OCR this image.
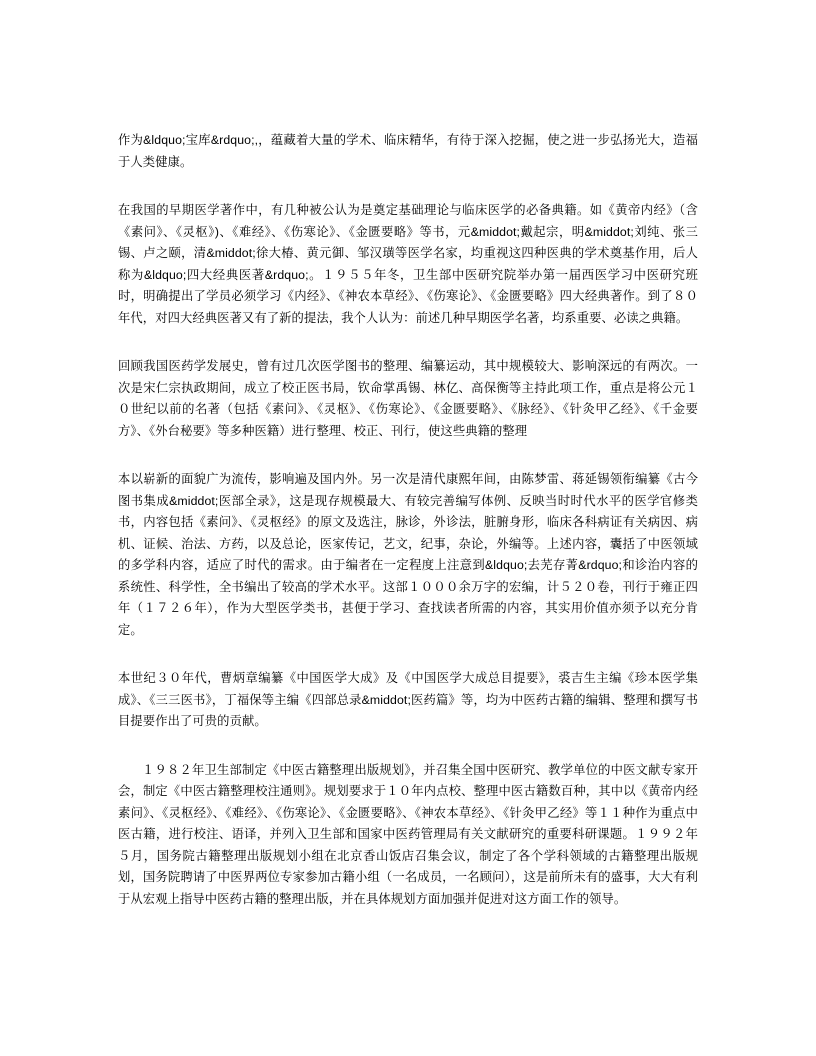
作为&ldquo;宝库&rdquo;,，蕴藏着大量的学术、临床精华，有待于深入挖掘，使之进一步弘扬光大，造福于人类健康。

在我国的早期医学著作中，有几种被公认为是奠定基础理论与临床医学的必备典籍。如《黄帝内经》（含《素问》、《灵枢》)、《难经》、《伤寒论》、《金匮要略》等书，元&middot;戴起宗，明&middot;刘纯、张三锡、卢之颐，清&middot;徐大椿、黄元御、邹汉璜等医学名家，均重视这四种医典的学术奠基作用，后人称为&ldquo;四大经典医著&rdquo;。１９５５年冬，卫生部中医研究院举办第一届西医学习中医研究班时，明确提出了学员必须学习《内经》、《神农本草经》、《伤寒论》、《金匮要略》四大经典著作。到了８０年代，对四大经典医著又有了新的提法，我个人认为：前述几种早期医学名著，均系重要、必读之典籍。

回顾我国医药学发展史，曾有过几次医学图书的整理、编纂运动，其中规模较大、影响深远的有两次。一次是宋仁宗执政期间，成立了校正医书局，钦命掌禹锡、林亿、高保衡等主持此项工作，重点是将公元１０世纪以前的名著（包括《素问》、《灵枢》、《伤寒论》、《金匮要略》、《脉经》、《针灸甲乙经》、《千金要方》、《外台秘要》等多种医籍）进行整理、校正、刊行，使这些典籍的整理

本以崭新的面貌广为流传，影响遍及国内外。另一次是清代康熙年间，由陈梦雷、蒋延锡领衔编纂《古今图书集成&middot;医部全录》，这是现存规模最大、有较完善编写体例、反映当时时代水平的医学官修类书，内容包括《素问》、《灵枢经》的原文及选注，脉诊，外诊法，脏腑身形，临床各科病证有关病因、病机、证候、治法、方药，以及总论，医家传记，艺文，纪事，杂论，外编等。上述内容，囊括了中医领域的多学科内容，适应了时代的需求。由于编者在一定程度上注意到&ldquo;去芜存菁&rdquo;和诊治内容的系统性、科学性，全书编出了较高的学术水平。这部１０００余万字的宏编，计５２０卷，刊行于雍正四年（１７２６年），作为大型医学类书，甚便于学习、查找读者所需的内容，其实用价值亦须予以充分肯定。

本世纪３０年代，曹炳章编纂《中国医学大成》及《中国医学大成总目提要》，裘吉生主编《珍本医学集成》、《三三医书》，丁福保等主编《四部总录&middot;医药篇》等，均为中医药古籍的编辑、整理和撰写书目提要作出了可贵的贡献。

１９８２年卫生部制定《中医古籍整理出版规划》，并召集全国中医研究、教学单位的中医文献专家开会，制定《中医古籍整理校注通则》。规划要求于１０年内点校、整理中医古籍数百种，其中以《黄帝内经素问》、《灵枢经》、《难经》、《伤寒论》、《金匮要略》、《神农本草经》、《针灸甲乙经》等１１种作为重点中医古籍，进行校注、语译，并列入卫生部和国家中医药管理局有关文献研究的重要科研课题。１９９２年５月，国务院古籍整理出版规划小组在北京香山饭店召集会议，制定了各个学科领域的古籍整理出版规划，国务院聘请了中医界两位专家参加古籍小组（一名成员，一名顾问），这是前所未有的盛事，大大有利于从宏观上指导中医药古籍的整理出版，并在具体规划方面加强并促进对这方面工作的领导。
